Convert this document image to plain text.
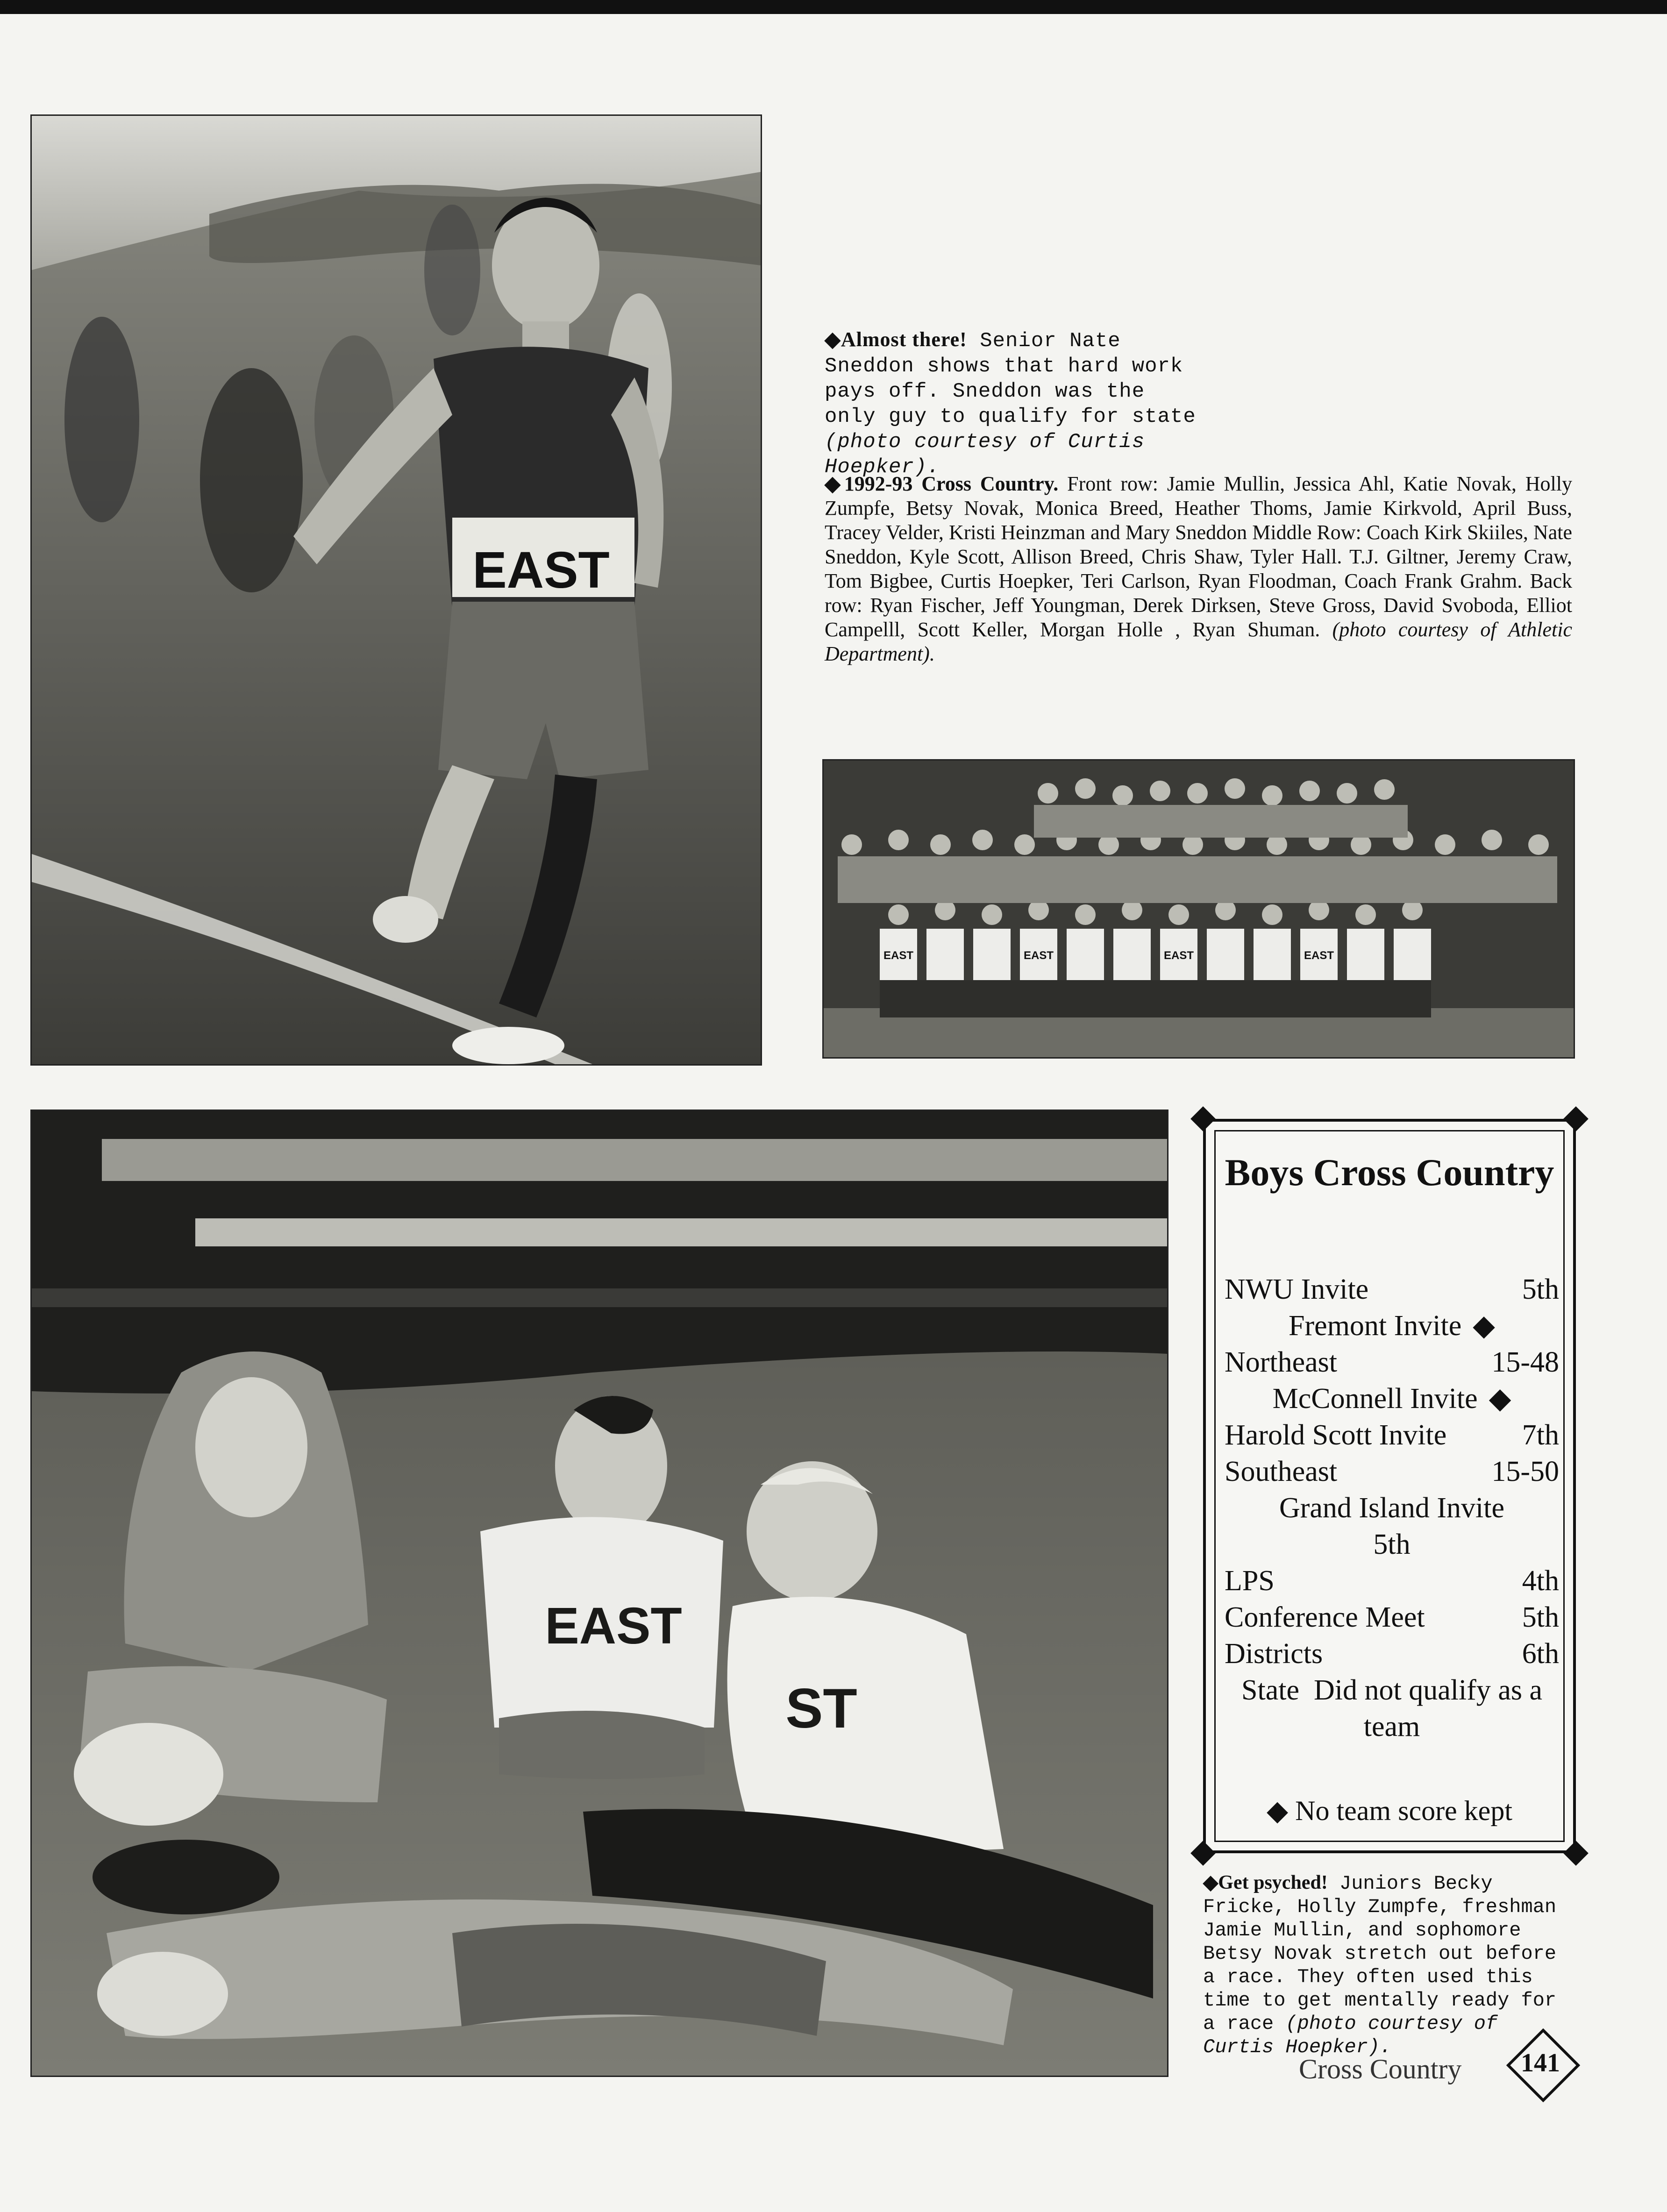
EAST
◆Almost there! Senior Nate Sneddon shows that hard work pays off. Sneddon was the only guy to qualify for state (photo courtesy of Curtis Hoepker).
◆1992-93 Cross Country. Front row: Jamie Mullin, Jessica Ahl, Katie Novak, Holly Zumpfe, Betsy Novak, Monica Breed, Heather Thoms, Jamie Kirkvold, April Buss, Tracey Velder, Kristi Heinzman and Mary Sneddon Middle Row: Coach Kirk Skiiles, Nate Sneddon, Kyle Scott, Allison Breed, Chris Shaw, Tyler Hall. T.J. Giltner, Jeremy Craw, Tom Bigbee, Curtis Hoepker, Teri Carlson, Ryan Floodman, Coach Frank Grahm. Back row: Ryan Fischer, Jeff Youngman, Derek Dirksen, Steve Gross, David Svoboda, Elliot Campelll, Scott Keller, Morgan Holle , Ryan Shuman. (photo courtesy of Athletic Department).
EAST	EAST	EAST	EAST
EAST
ST
Boys Cross Country
NWU Invite	5th
Fremont Invite ◆
Northeast	15-48
McConnell Invite ◆
Harold Scott Invite	7th
Southeast	15-50
Grand Island Invite
5th
LPS	4th
Conference Meet	5th
Districts	6th
State Did not qualify as a team
◆ No team score kept
◆Get psyched! Juniors Becky Fricke, Holly Zumpfe, freshman Jamie Mullin, and sophomore Betsy Novak stretch out before a race. They often used this time to get mentally ready for a race (photo courtesy of Curtis Hoepker).
Cross Country	141
